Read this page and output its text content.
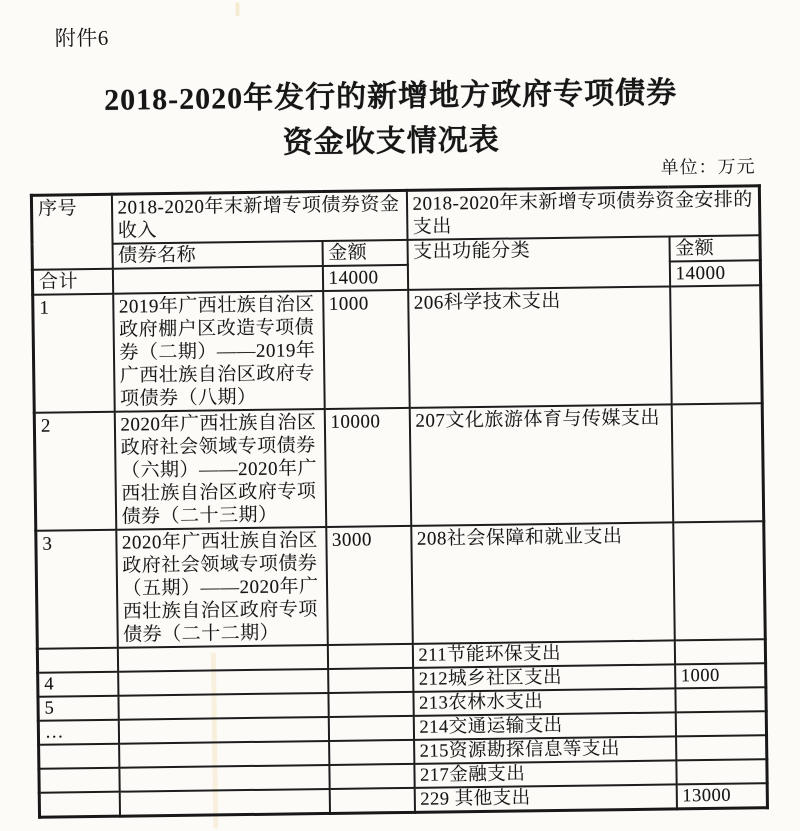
附件6
2018-2020年发行的新增地方政府专项债券
资金收支情况表
单位：万元
序号	2018-2020年末新增专项债券资金收入		2018-2020年末新增专项债券资金安排的支出	
	债券名称	金额	支出功能分类	金额
合计		14000		14000
1	2019年广西壮族自治区政府棚户区改造专项债券（二期）——2019年广西壮族自治区政府专项债券（八期）	1000	206科学技术支出	
2	2020年广西壮族自治区政府社会领域专项债券（六期）——2020年广西壮族自治区政府专项债券（二十三期）	10000	207文化旅游体育与传媒支出	
3	2020年广西壮族自治区政府社会领域专项债券（五期）——2020年广西壮族自治区政府专项债券（二十二期）	3000	208社会保障和就业支出	
			211节能环保支出	
4			212城乡社区支出	1000
5			213农林水支出	
…			214交通运输支出	
			215资源勘探信息等支出	
			217金融支出	
			229 其他支出	13000
